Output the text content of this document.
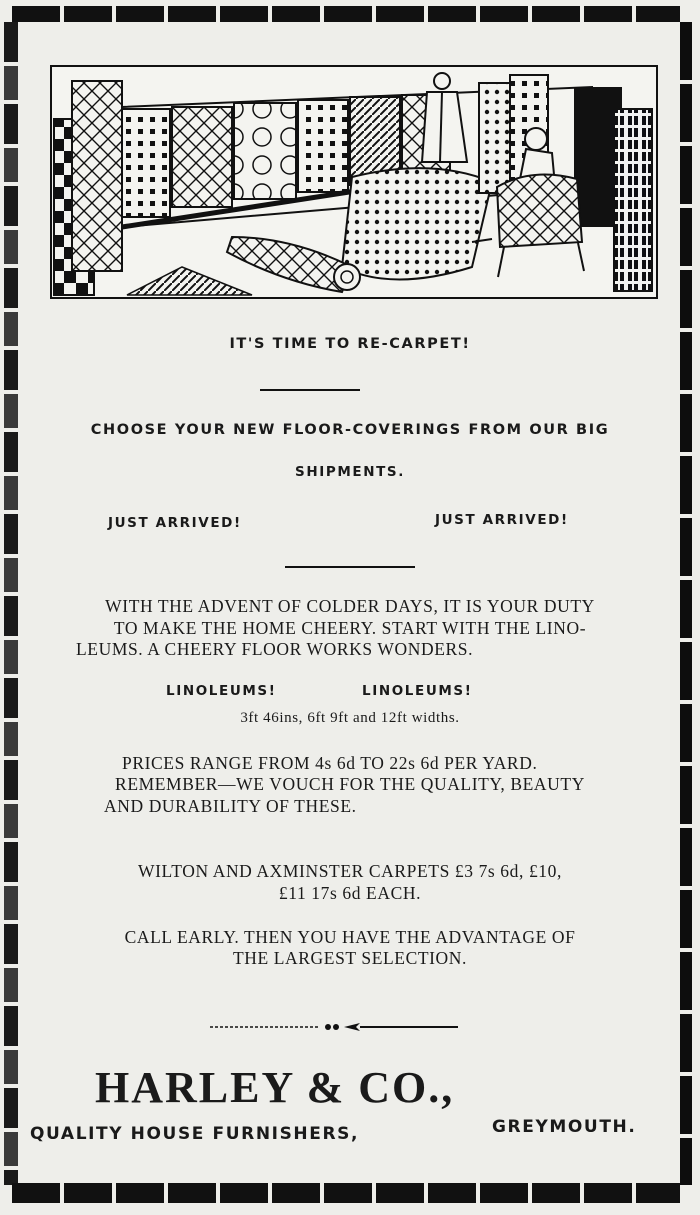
IT'S TIME TO RE-CARPET!
CHOOSE YOUR NEW FLOOR-COVERINGS FROM OUR BIG
SHIPMENTS.
JUST ARRIVED!	JUST ARRIVED!
WITH THE ADVENT OF COLDER DAYS, IT IS YOUR DUTY
TO MAKE THE HOME CHEERY. START WITH THE LINO-
LEUMS. A CHEERY FLOOR WORKS WONDERS.
LINOLEUMS!	LINOLEUMS!
3ft 46ins, 6ft 9ft and 12ft widths.
PRICES RANGE FROM 4s 6d TO 22s 6d PER YARD.
REMEMBER—WE VOUCH FOR THE QUALITY, BEAUTY
AND DURABILITY OF THESE.
WILTON AND AXMINSTER CARPETS £3 7s 6d, £10,
£11 17s 6d EACH.
CALL EARLY. THEN YOU HAVE THE ADVANTAGE OF
THE LARGEST SELECTION.
HARLEY & CO.,
QUALITY HOUSE FURNISHERS,	GREYMOUTH.
